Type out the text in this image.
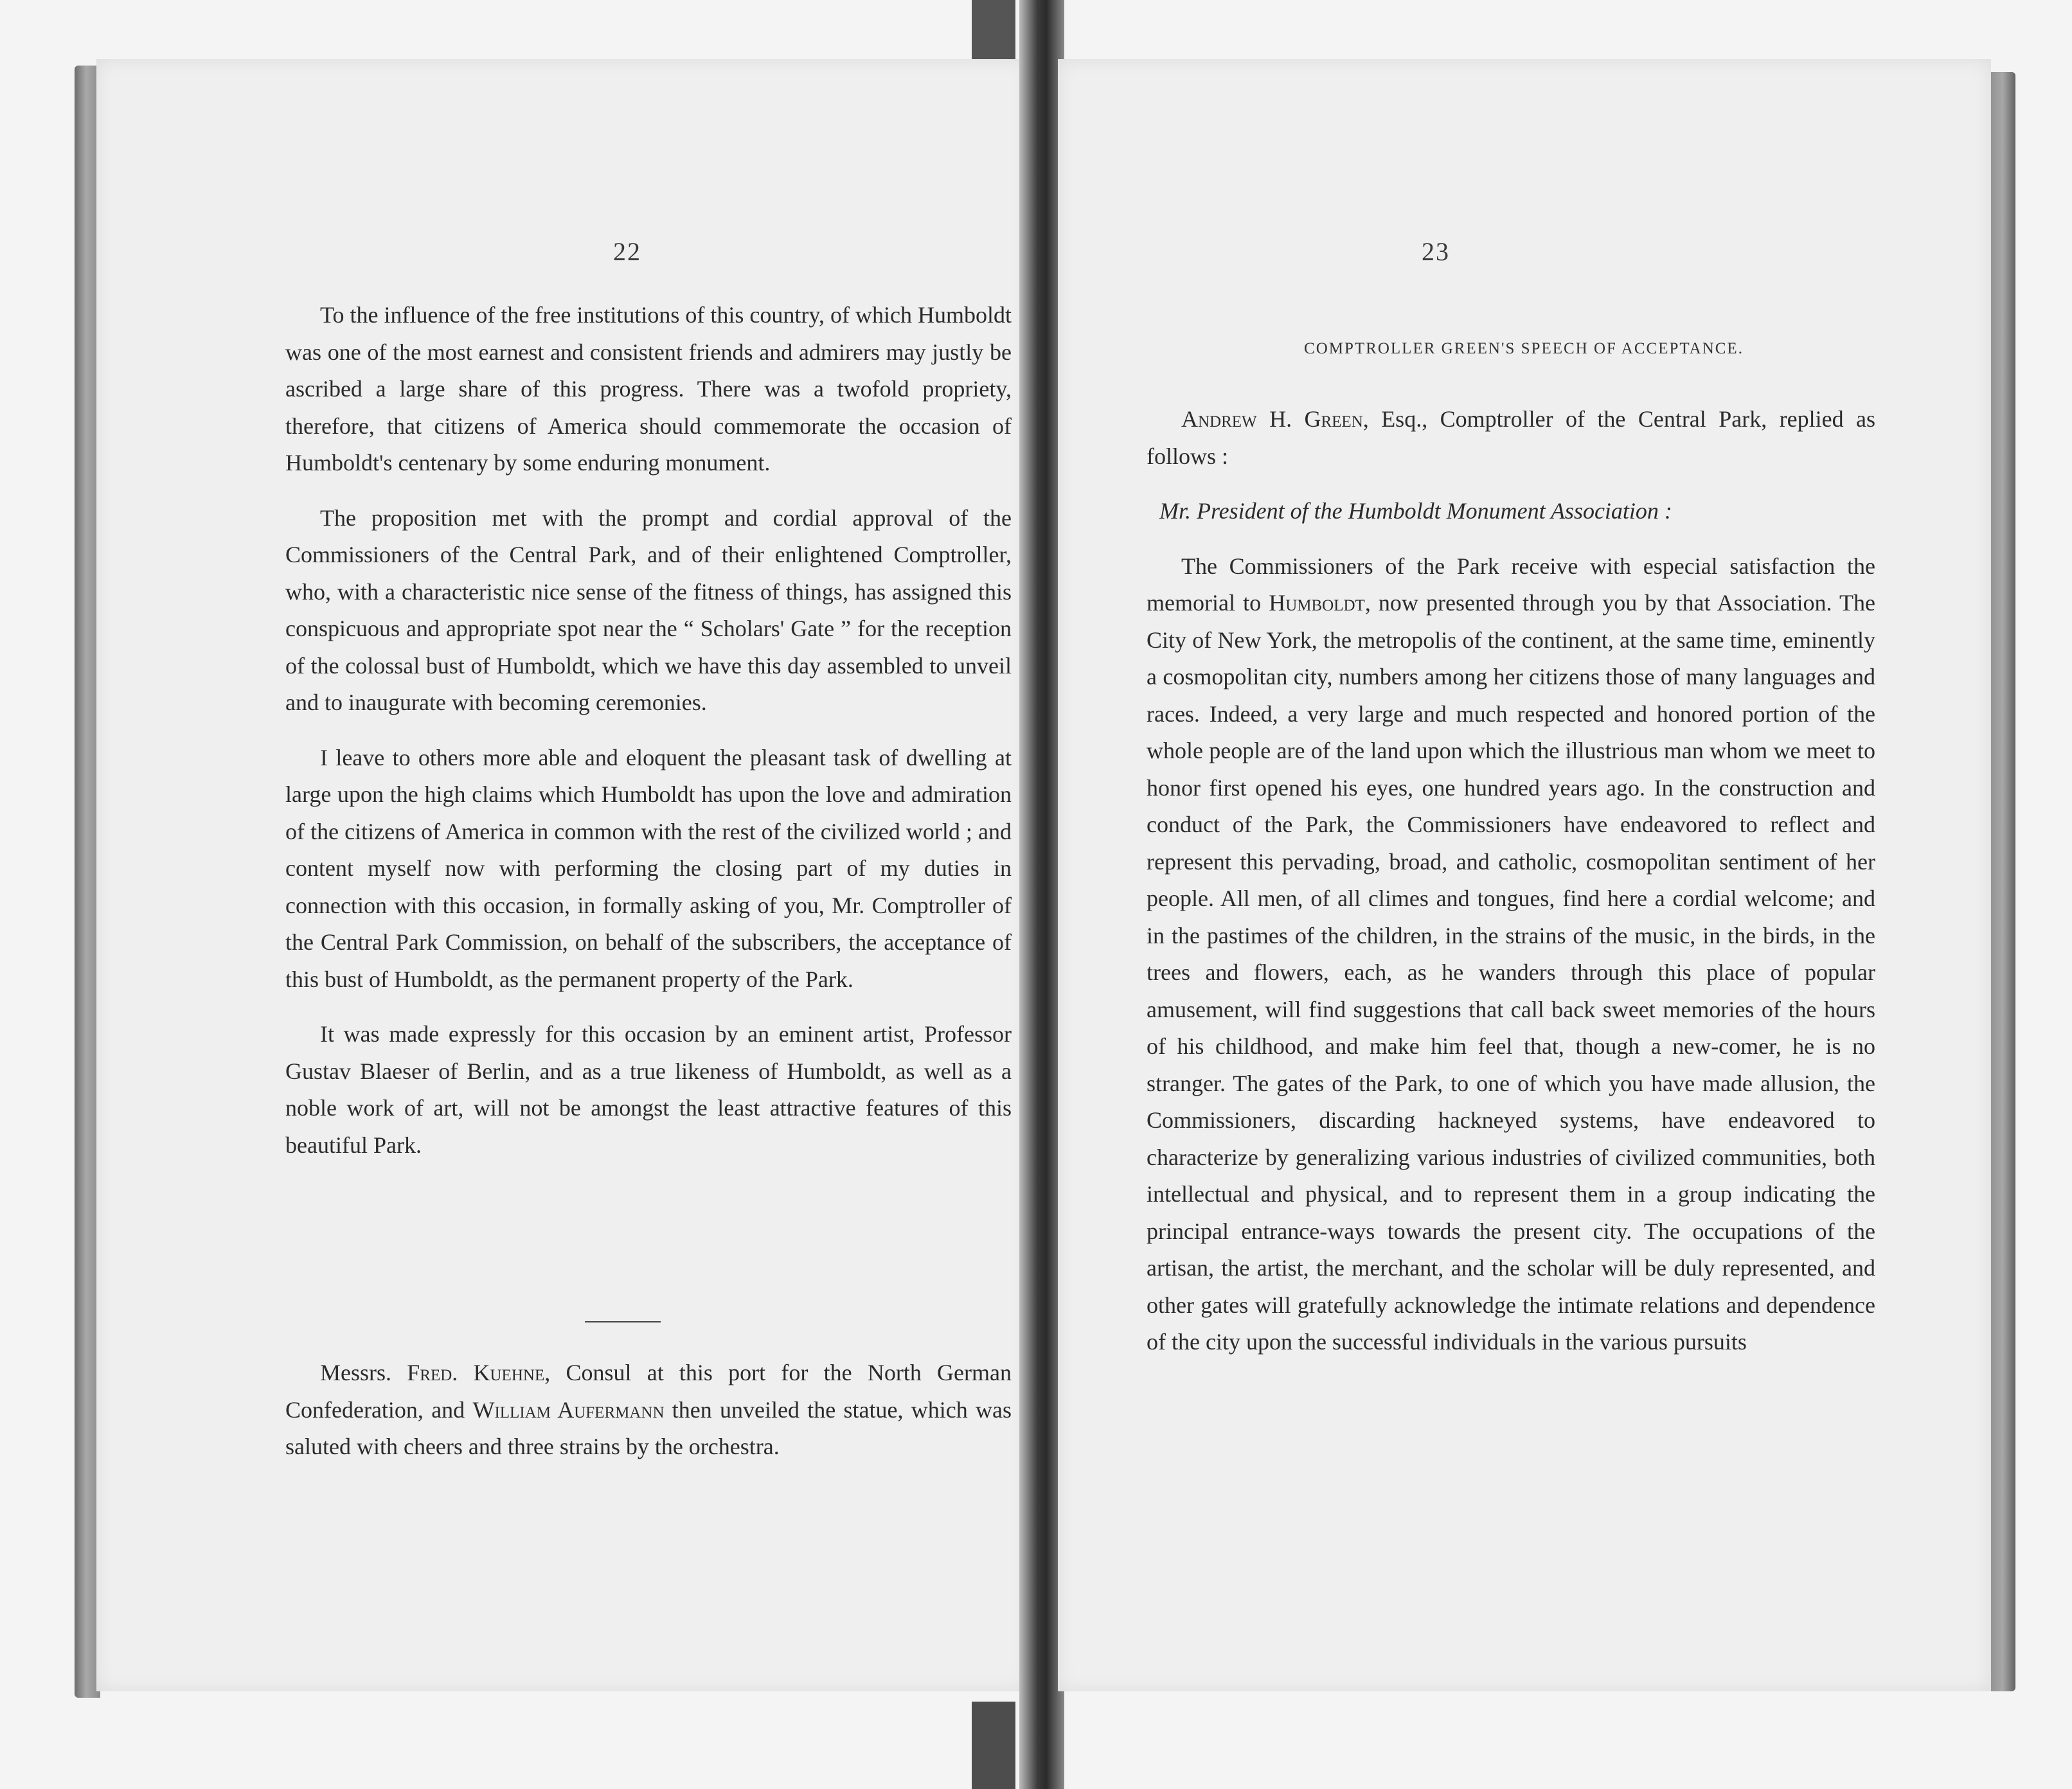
22

To the influence of the free institutions of this country, of which Humboldt was one of the most earnest and consistent friends and admirers may justly be ascribed a large share of this progress. There was a twofold propriety, therefore, that citizens of America should commemorate the occasion of Humboldt's centenary by some enduring monument.

The proposition met with the prompt and cordial approval of the Commissioners of the Central Park, and of their enlightened Comptroller, who, with a characteristic nice sense of the fitness of things, has assigned this conspicuous and appropriate spot near the “ Scholars' Gate ” for the reception of the colossal bust of Humboldt, which we have this day assembled to unveil and to inaugurate with becoming ceremonies.

I leave to others more able and eloquent the pleasant task of dwelling at large upon the high claims which Humboldt has upon the love and admiration of the citizens of America in common with the rest of the civilized world ; and content myself now with performing the closing part of my duties in connection with this occasion, in formally asking of you, Mr. Comptroller of the Central Park Commission, on behalf of the subscribers, the acceptance of this bust of Humboldt, as the permanent property of the Park.

It was made expressly for this occasion by an eminent artist, Professor Gustav Blaeser of Berlin, and as a true likeness of Humboldt, as well as a noble work of art, will not be amongst the least attractive features of this beautiful Park.

Messrs. Fred. Kuehne, Consul at this port for the North German Confederation, and William Aufermann then unveiled the statue, which was saluted with cheers and three strains by the orchestra.

23
COMPTROLLER GREEN'S SPEECH OF ACCEPTANCE.

Andrew H. Green, Esq., Comptroller of the Central Park, replied as follows :

Mr. President of the Humboldt Monument Association :

The Commissioners of the Park receive with especial satisfaction the memorial to Humboldt, now presented through you by that Association. The City of New York, the metropolis of the continent, at the same time, eminently a cosmopolitan city, numbers among her citizens those of many languages and races. Indeed, a very large and much respected and honored portion of the whole people are of the land upon which the illustrious man whom we meet to honor first opened his eyes, one hundred years ago. In the construction and conduct of the Park, the Commissioners have endeavored to reflect and represent this pervading, broad, and catholic, cosmopolitan sentiment of her people. All men, of all climes and tongues, find here a cordial welcome; and in the pastimes of the children, in the strains of the music, in the birds, in the trees and flowers, each, as he wanders through this place of popular amusement, will find suggestions that call back sweet memories of the hours of his childhood, and make him feel that, though a new-comer, he is no stranger. The gates of the Park, to one of which you have made allusion, the Commissioners, discarding hackneyed systems, have endeavored to characterize by generalizing various industries of civilized communities, both intellectual and physical, and to represent them in a group indicating the principal entrance-ways towards the present city. The occupations of the artisan, the artist, the merchant, and the scholar will be duly represented, and other gates will gratefully acknowledge the intimate relations and dependence of the city upon the successful individuals in the various pursuits
